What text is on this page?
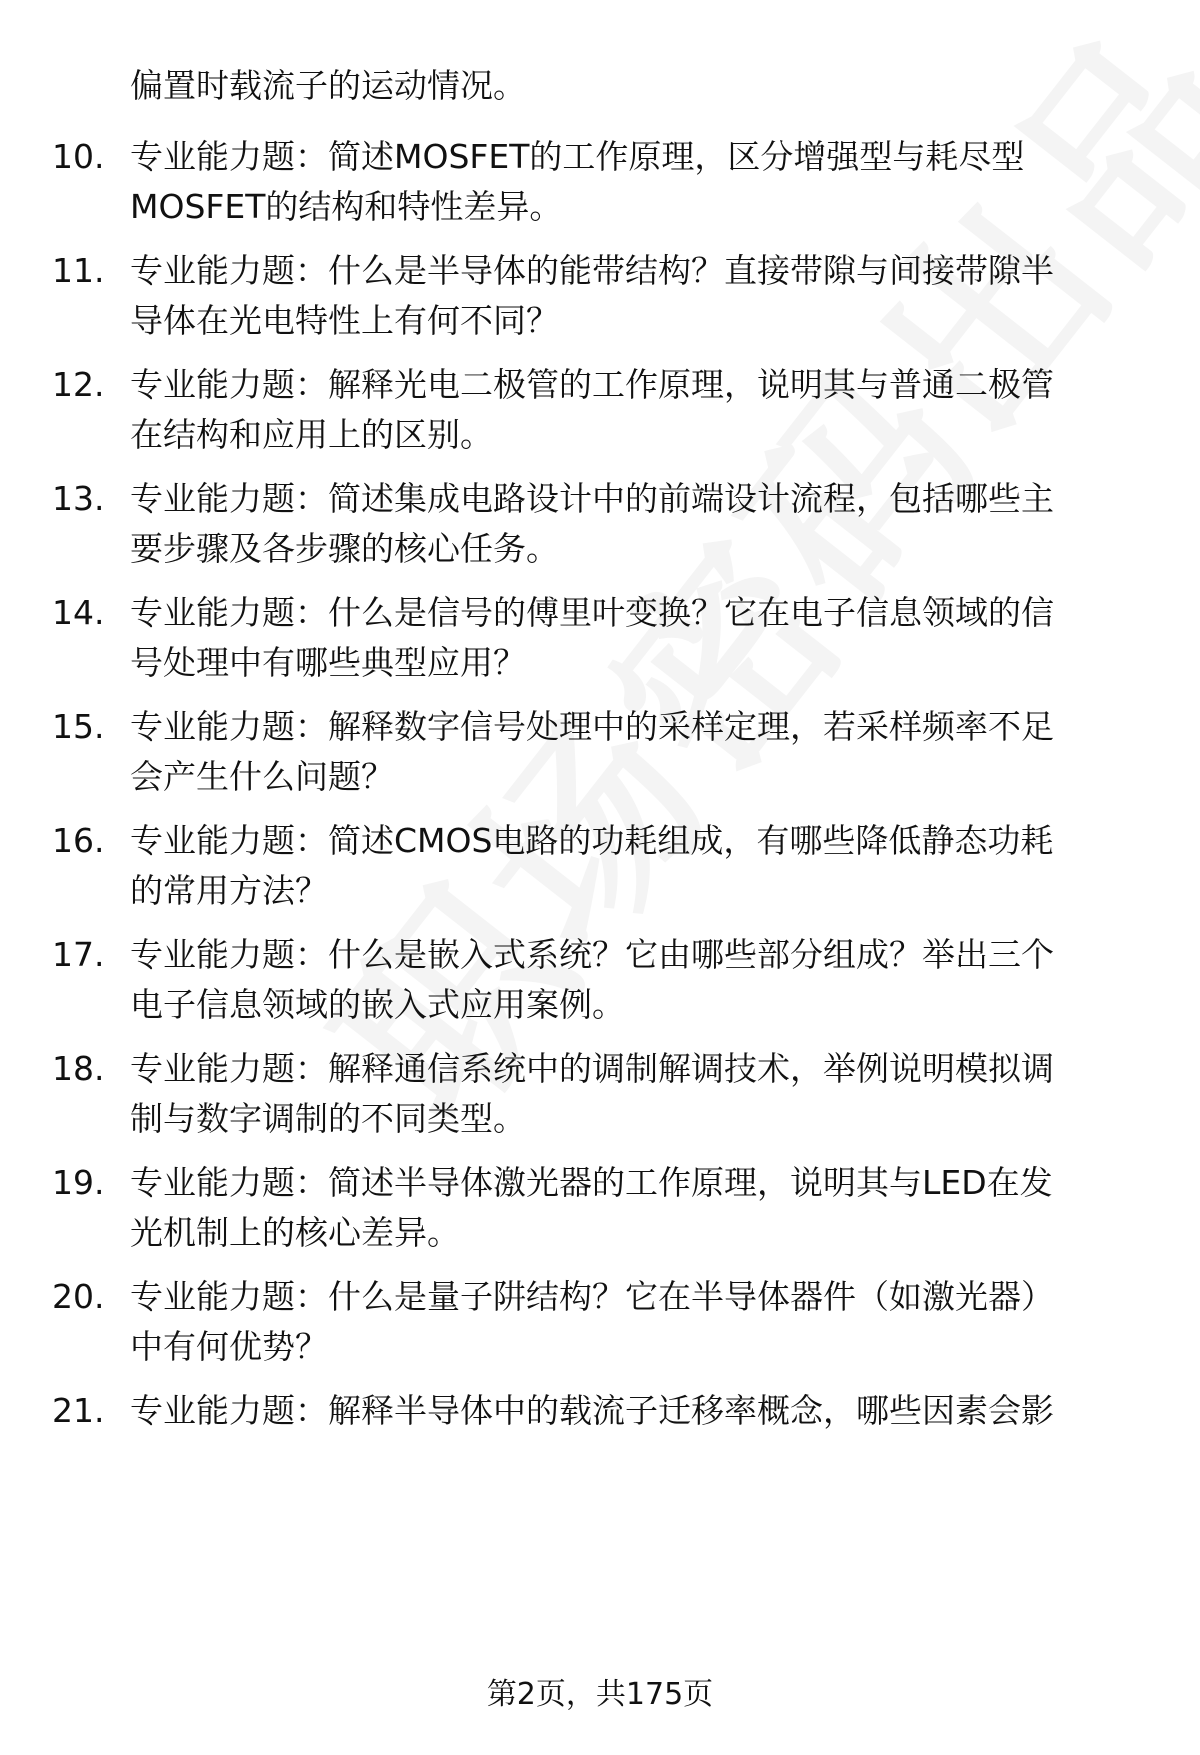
偏置时载流子的运动情况。
10. 专业能力题：简述MOSFET的工作原理，区分增强型与耗尽型
MOSFET的结构和特性差异。
11. 专业能力题：什么是半导体的能带结构？直接带隙与间接带隙半
导体在光电特性上有何不同？
12. 专业能力题：解释光电二极管的工作原理，说明其与普通二极管
在结构和应用上的区别。
13. 专业能力题：简述集成电路设计中的前端设计流程，包括哪些主
要步骤及各步骤的核心任务。
14. 专业能力题：什么是信号的傅里叶变换？它在电子信息领域的信
号处理中有哪些典型应用？
15. 专业能力题：解释数字信号处理中的采样定理，若采样频率不足
会产生什么问题？
16. 专业能力题：简述CMOS电路的功耗组成，有哪些降低静态功耗
的常用方法？
17. 专业能力题：什么是嵌入式系统？它由哪些部分组成？举出三个
电子信息领域的嵌入式应用案例。
18. 专业能力题：解释通信系统中的调制解调技术，举例说明模拟调
制与数字调制的不同类型。
19. 专业能力题：简述半导体激光器的工作原理，说明其与LED在发
光机制上的核心差异。
20. 专业能力题：什么是量子阱结构？它在半导体器件（如激光器）
中有何优势？
21. 专业能力题：解释半导体中的载流子迁移率概念，哪些因素会影
第2页，共175页
